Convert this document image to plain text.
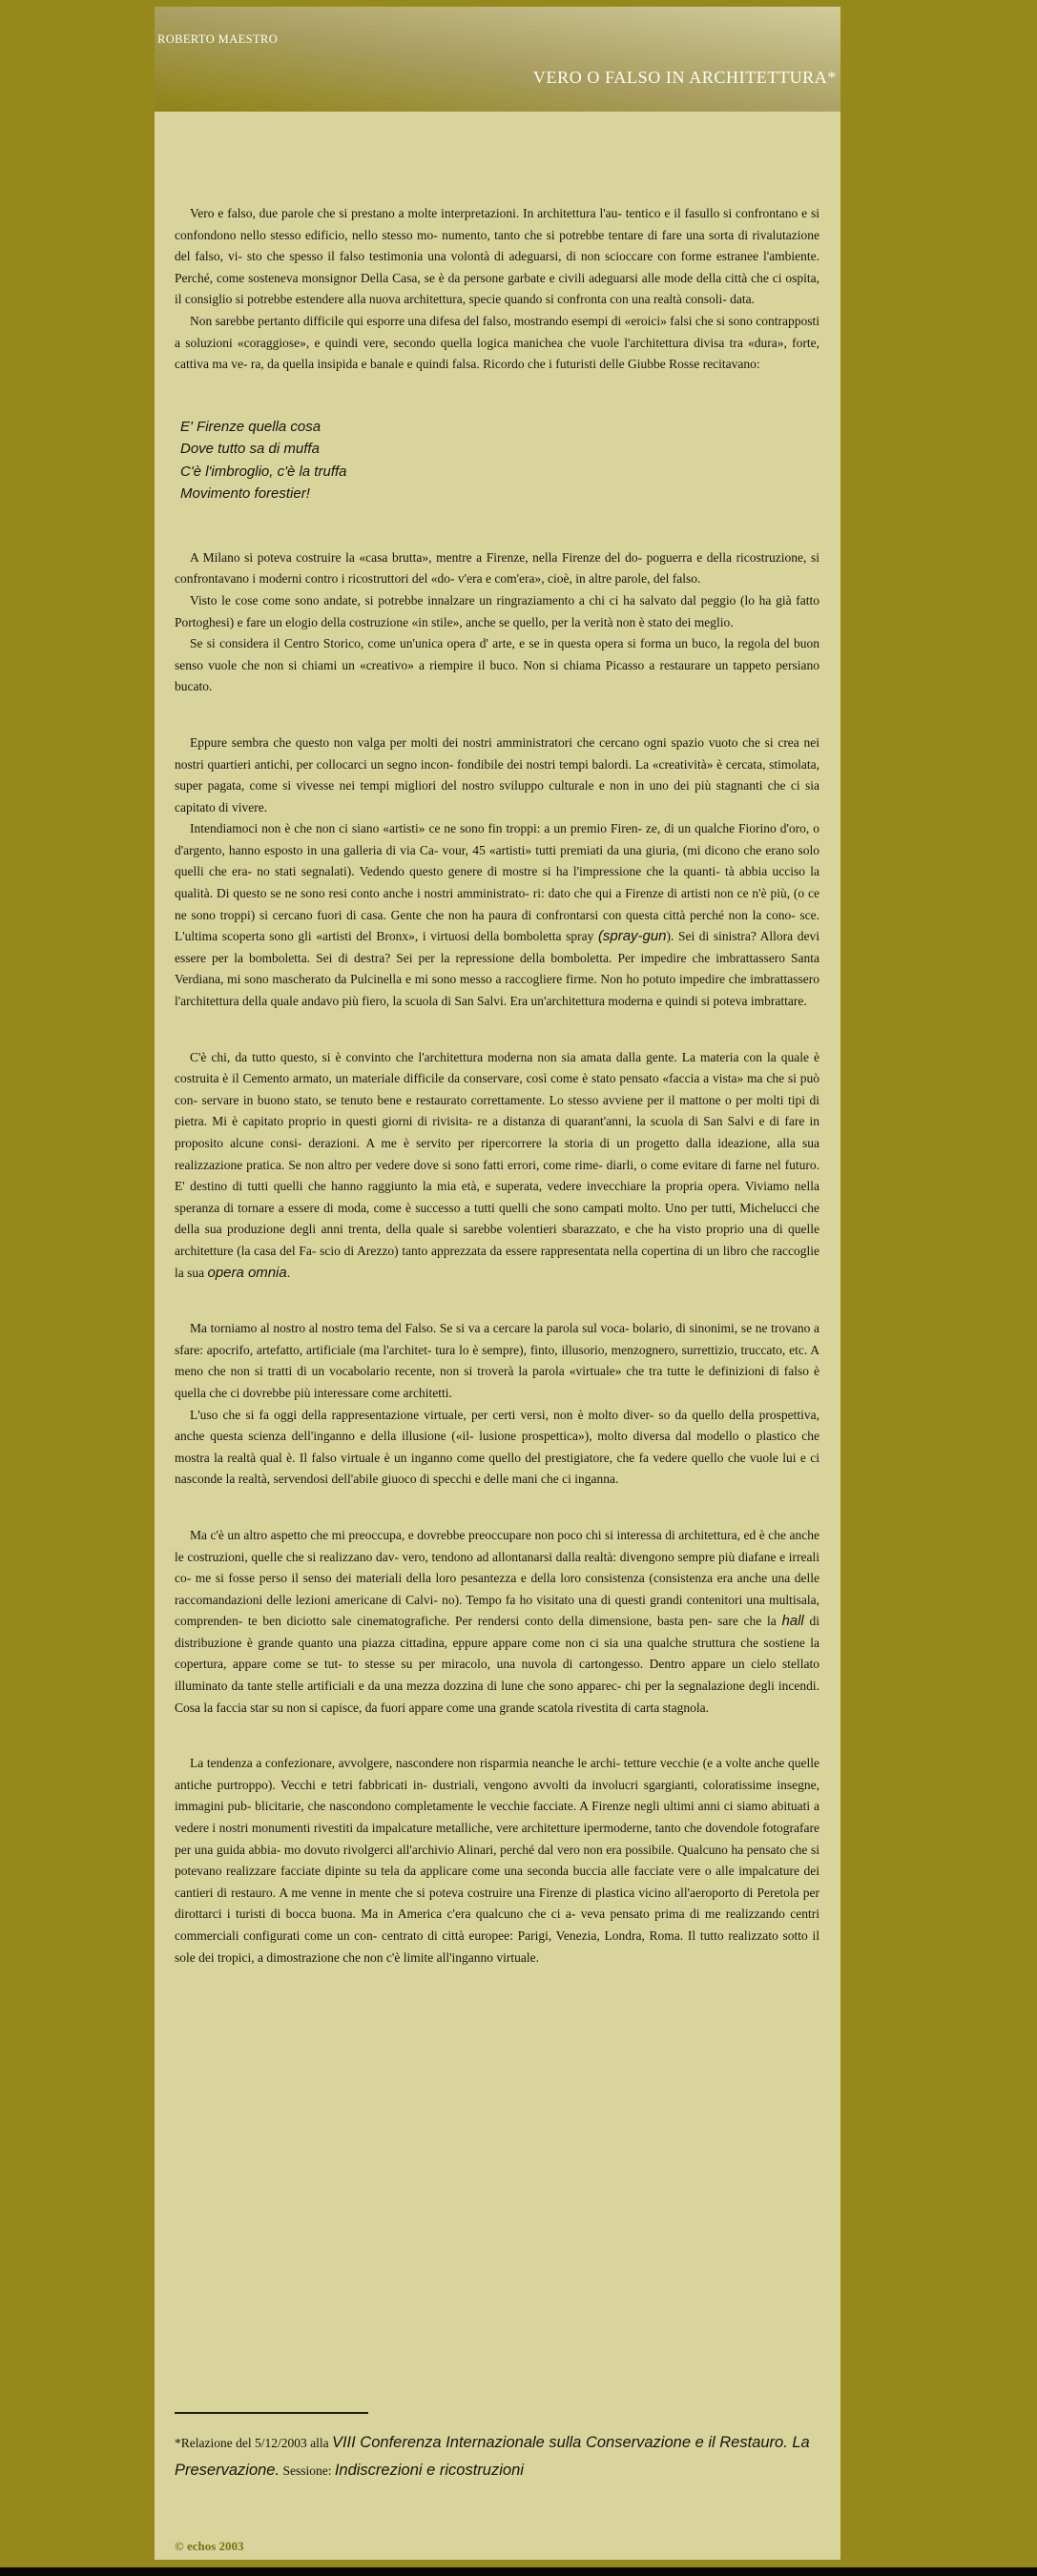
ROBERTO MAESTRO
VERO O FALSO IN ARCHITETTURA*

Vero e falso, due parole che si prestano a molte interpretazioni. In architettura l'au- tentico e il fasullo si confrontano e si confondono nello stesso edificio, nello stesso mo- numento, tanto che si potrebbe tentare di fare una sorta di rivalutazione del falso, vi- sto che spesso il falso testimonia una volontà di adeguarsi, di non scioccare con forme estranee l'ambiente. Perché, come sosteneva monsignor Della Casa, se è da persone garbate e civili adeguarsi alle mode della città che ci ospita, il consiglio si potrebbe estendere alla nuova architettura, specie quando si confronta con una realtà consoli- data.

Non sarebbe pertanto difficile qui esporre una difesa del falso, mostrando esempi di «eroici» falsi che si sono contrapposti a soluzioni «coraggiose», e quindi vere, secondo quella logica manichea che vuole l'architettura divisa tra «dura», forte, cattiva ma ve- ra, da quella insipida e banale e quindi falsa. Ricordo che i futuristi delle Giubbe Rosse recitavano:

E' Firenze quella cosa
Dove tutto sa di muffa
C'è l'imbroglio, c'è la truffa
Movimento forestier!

A Milano si poteva costruire la «casa brutta», mentre a Firenze, nella Firenze del do- poguerra e della ricostruzione, si confrontavano i moderni contro i ricostruttori del «do- v'era e com'era», cioè, in altre parole, del falso.

Visto le cose come sono andate, si potrebbe innalzare un ringraziamento a chi ci ha salvato dal peggio (lo ha già fatto Portoghesi) e fare un elogio della costruzione «in stile», anche se quello, per la verità non è stato dei meglio.

Se si considera il Centro Storico, come un'unica opera d' arte, e se in questa opera si forma un buco, la regola del buon senso vuole che non si chiami un «creativo» a riempire il buco. Non si chiama Picasso a restaurare un tappeto persiano bucato.

Eppure sembra che questo non valga per molti dei nostri amministratori che cercano ogni spazio vuoto che si crea nei nostri quartieri antichi, per collocarci un segno incon- fondibile dei nostri tempi balordi. La «creatività» è cercata, stimolata, super pagata, come si vivesse nei tempi migliori del nostro sviluppo culturale e non in uno dei più stagnanti che ci sia capitato di vivere.

Intendiamoci non è che non ci siano «artisti» ce ne sono fin troppi: a un premio Firen- ze, di un qualche Fiorino d'oro, o d'argento, hanno esposto in una galleria di via Ca- vour, 45 «artisti» tutti premiati da una giuria, (mi dicono che erano solo quelli che era- no stati segnalati). Vedendo questo genere di mostre si ha l'impressione che la quanti- tà abbia ucciso la qualità. Di questo se ne sono resi conto anche i nostri amministrato- ri: dato che qui a Firenze di artisti non ce n'è più, (o ce ne sono troppi) si cercano fuori di casa. Gente che non ha paura di confrontarsi con questa città perché non la cono- sce. L'ultima scoperta sono gli «artisti del Bronx», i virtuosi della bomboletta spray (spray-gun). Sei di sinistra? Allora devi essere per la bomboletta. Sei di destra? Sei per la repressione della bomboletta. Per impedire che imbrattassero Santa Verdiana, mi sono mascherato da Pulcinella e mi sono messo a raccogliere firme. Non ho potuto impedire che imbrattassero l'architettura della quale andavo più fiero, la scuola di San Salvi. Era un'architettura moderna e quindi si poteva imbrattare.

C'è chi, da tutto questo, si è convinto che l'architettura moderna non sia amata dalla gente. La materia con la quale è costruita è il Cemento armato, un materiale difficile da conservare, così come è stato pensato «faccia a vista» ma che si può con- servare in buono stato, se tenuto bene e restaurato correttamente. Lo stesso avviene per il mattone o per molti tipi di pietra. Mi è capitato proprio in questi giorni di rivisita- re a distanza di quarant'anni, la scuola di San Salvi e di fare in proposito alcune consi- derazioni. A me è servito per ripercorrere la storia di un progetto dalla ideazione, alla sua realizzazione pratica. Se non altro per vedere dove si sono fatti errori, come rime- diarli, o come evitare di farne nel futuro. E' destino di tutti quelli che hanno raggiunto la mia età, e superata, vedere invecchiare la propria opera. Viviamo nella speranza di tornare a essere di moda, come è successo a tutti quelli che sono campati molto. Uno per tutti, Michelucci che della sua produzione degli anni trenta, della quale si sarebbe volentieri sbarazzato, e che ha visto proprio una di quelle architetture (la casa del Fa- scio di Arezzo) tanto apprezzata da essere rappresentata nella copertina di un libro che raccoglie la sua opera omnia.

Ma torniamo al nostro al nostro tema del Falso. Se si va a cercare la parola sul voca- bolario, di sinonimi, se ne trovano a sfare: apocrifo, artefatto, artificiale (ma l'architet- tura lo è sempre), finto, illusorio, menzognero, surrettizio, truccato, etc. A meno che non si tratti di un vocabolario recente, non si troverà la parola «virtuale» che tra tutte le definizioni di falso è quella che ci dovrebbe più interessare come architetti.

L'uso che si fa oggi della rappresentazione virtuale, per certi versi, non è molto diver- so da quello della prospettiva, anche questa scienza dell'inganno e della illusione («il- lusione prospettica»), molto diversa dal modello o plastico che mostra la realtà qual è. Il falso virtuale è un inganno come quello del prestigiatore, che fa vedere quello che vuole lui e ci nasconde la realtà, servendosi dell'abile giuoco di specchi e delle mani che ci inganna.

Ma c'è un altro aspetto che mi preoccupa, e dovrebbe preoccupare non poco chi si interessa di architettura, ed è che anche le costruzioni, quelle che si realizzano dav- vero, tendono ad allontanarsi dalla realtà: divengono sempre più diafane e irreali co- me si fosse perso il senso dei materiali della loro pesantezza e della loro consistenza (consistenza era anche una delle raccomandazioni delle lezioni americane di Calvi- no). Tempo fa ho visitato una di questi grandi contenitori una multisala, comprenden- te ben diciotto sale cinematografiche. Per rendersi conto della dimensione, basta pen- sare che la hall di distribuzione è grande quanto una piazza cittadina, eppure appare come non ci sia una qualche struttura che sostiene la copertura, appare come se tut- to stesse su per miracolo, una nuvola di cartongesso. Dentro appare un cielo stellato illuminato da tante stelle artificiali e da una mezza dozzina di lune che sono apparec- chi per la segnalazione degli incendi. Cosa la faccia star su non si capisce, da fuori appare come una grande scatola rivestita di carta stagnola.

La tendenza a confezionare, avvolgere, nascondere non risparmia neanche le archi- tetture vecchie (e a volte anche quelle antiche purtroppo). Vecchi e tetri fabbricati in- dustriali, vengono avvolti da involucri sgargianti, coloratissime insegne, immagini pub- blicitarie, che nascondono completamente le vecchie facciate. A Firenze negli ultimi anni ci siamo abituati a vedere i nostri monumenti rivestiti da impalcature metalliche, vere architetture ipermoderne, tanto che dovendole fotografare per una guida abbia- mo dovuto rivolgerci all'archivio Alinari, perché dal vero non era possibile. Qualcuno ha pensato che si potevano realizzare facciate dipinte su tela da applicare come una seconda buccia alle facciate vere o alle impalcature dei cantieri di restauro. A me venne in mente che si poteva costruire una Firenze di plastica vicino all'aeroporto di Peretola per dirottarci i turisti di bocca buona. Ma in America c'era qualcuno che ci a- veva pensato prima di me realizzando centri commerciali configurati come un con- centrato di città europee: Parigi, Venezia, Londra, Roma. Il tutto realizzato sotto il sole dei tropici, a dimostrazione che non c'è limite all'inganno virtuale.

*Relazione del 5/12/2003 alla VIII Conferenza Internazionale sulla Conservazione e il Restauro. La Preservazione. Sessione: Indiscrezioni e ricostruzioni
© echos 2003
